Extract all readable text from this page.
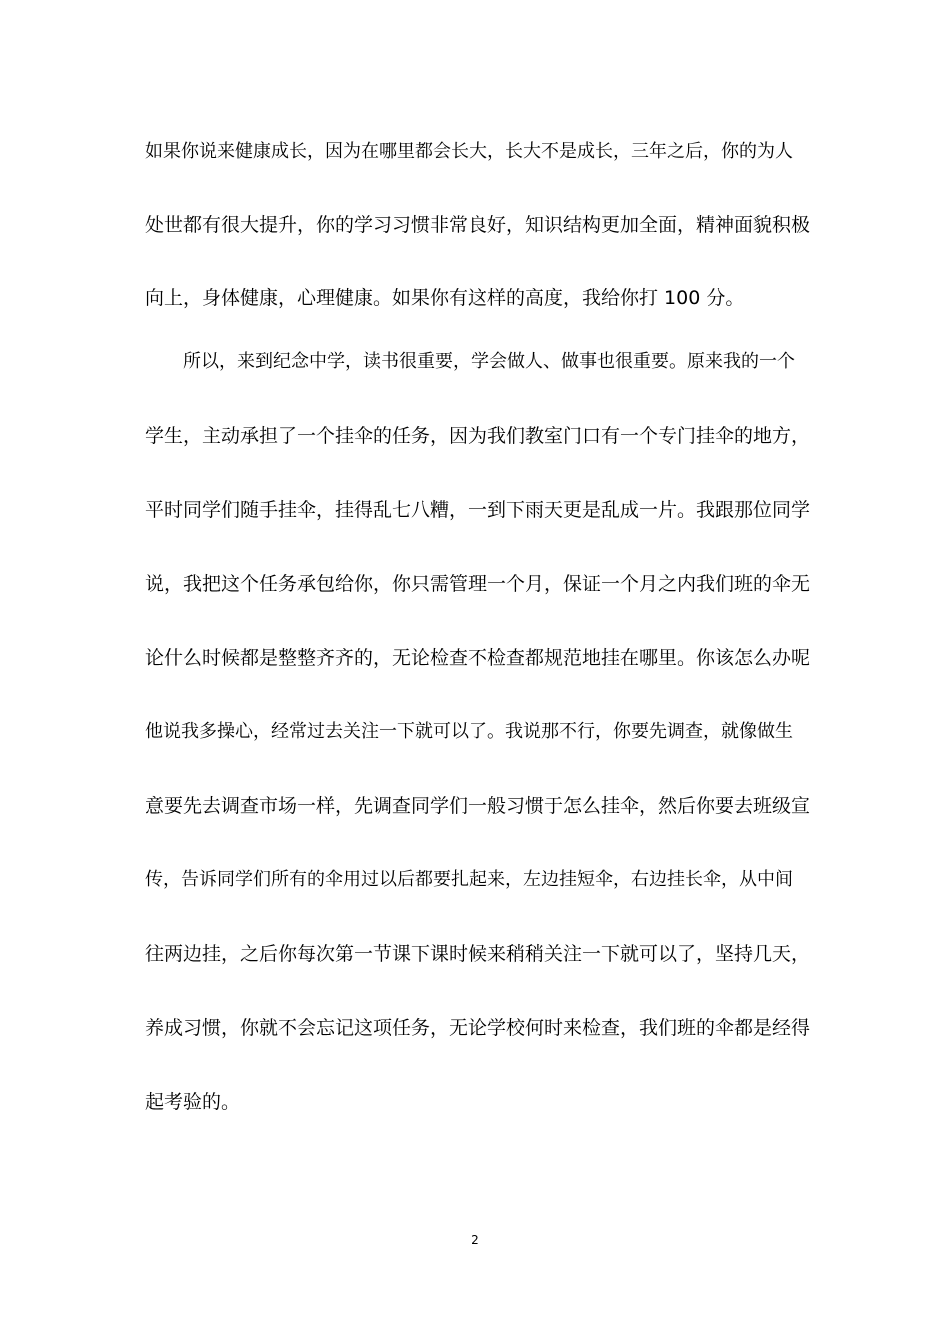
如果你说来健康成长，因为在哪里都会长大，长大不是成长，三年之后，你的为人
处世都有很大提升，你的学习习惯非常良好，知识结构更加全面，精神面貌积极
向上，身体健康，心理健康。如果你有这样的高度，我给你打 100 分。
所以，来到纪念中学，读书很重要，学会做人、做事也很重要。原来我的一个
学生，主动承担了一个挂伞的任务，因为我们教室门口有一个专门挂伞的地方，
平时同学们随手挂伞，挂得乱七八糟，一到下雨天更是乱成一片。我跟那位同学
说，我把这个任务承包给你，你只需管理一个月，保证一个月之内我们班的伞无
论什么时候都是整整齐齐的，无论检查不检查都规范地挂在哪里。你该怎么办呢
他说我多操心，经常过去关注一下就可以了。我说那不行，你要先调查，就像做生
意要先去调查市场一样，先调查同学们一般习惯于怎么挂伞，然后你要去班级宣
传，告诉同学们所有的伞用过以后都要扎起来，左边挂短伞，右边挂长伞，从中间
往两边挂，之后你每次第一节课下课时候来稍稍关注一下就可以了，坚持几天，
养成习惯，你就不会忘记这项任务，无论学校何时来检查，我们班的伞都是经得
起考验的。
2
